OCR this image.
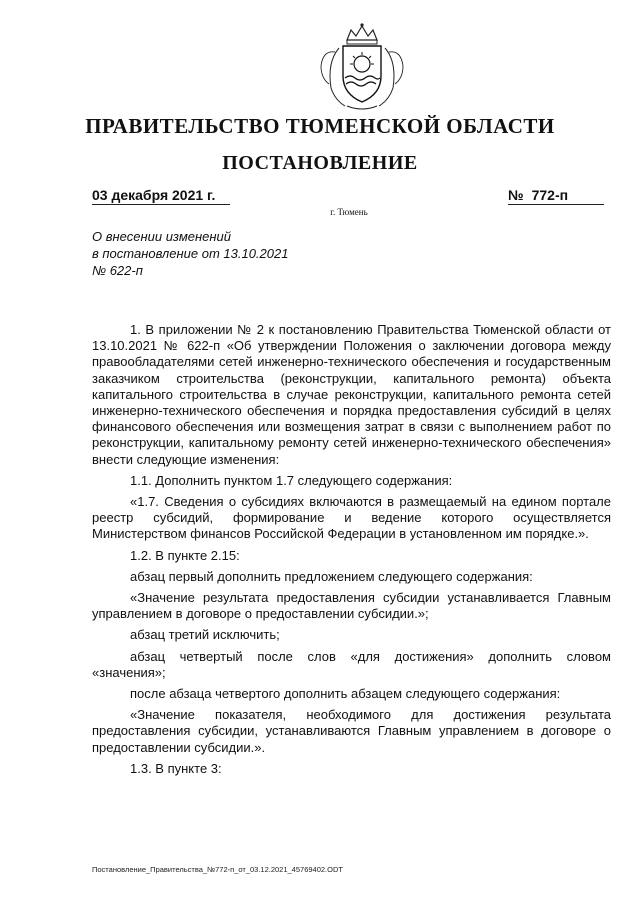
ПРАВИТЕЛЬСТВО ТЮМЕНСКОЙ ОБЛАСТИ
ПОСТАНОВЛЕНИЕ
03 декабря 2021 г.	№ 772-п
г. Тюмень
О внесении изменений
в постановление от 13.10.2021
№ 622-п

1. В приложении № 2 к постановлению Правительства Тюменской области от 13.10.2021 № 622-п «Об утверждении Положения о заключении договора между правообладателями сетей инженерно-технического обеспечения и государственным заказчиком строительства (реконструкции, капитального ремонта) объекта капитального строительства в случае реконструкции, капитального ремонта сетей инженерно-технического обеспечения и порядка предоставления субсидий в целях финансового обеспечения или возмещения затрат в связи с выполнением работ по реконструкции, капитальному ремонту сетей инженерно-технического обеспечения» внести следующие изменения:

1.1. Дополнить пунктом 1.7 следующего содержания:

«1.7. Сведения о субсидиях включаются в размещаемый на едином портале реестр субсидий, формирование и ведение которого осуществляется Министерством финансов Российской Федерации в установленном им порядке.».

1.2. В пункте 2.15:

абзац первый дополнить предложением следующего содержания:

«Значение результата предоставления субсидии устанавливается Главным управлением в договоре о предоставлении субсидии.»;

абзац третий исключить;

абзац четвертый после слов «для достижения» дополнить словом «значения»;

после абзаца четвертого дополнить абзацем следующего содержания:

«Значение показателя, необходимого для достижения результата предоставления субсидии, устанавливаются Главным управлением в договоре о предоставлении субсидии.».

1.3. В пункте 3:

Постановление_Правительства_№772-п_от_03.12.2021_45769402.ODT
